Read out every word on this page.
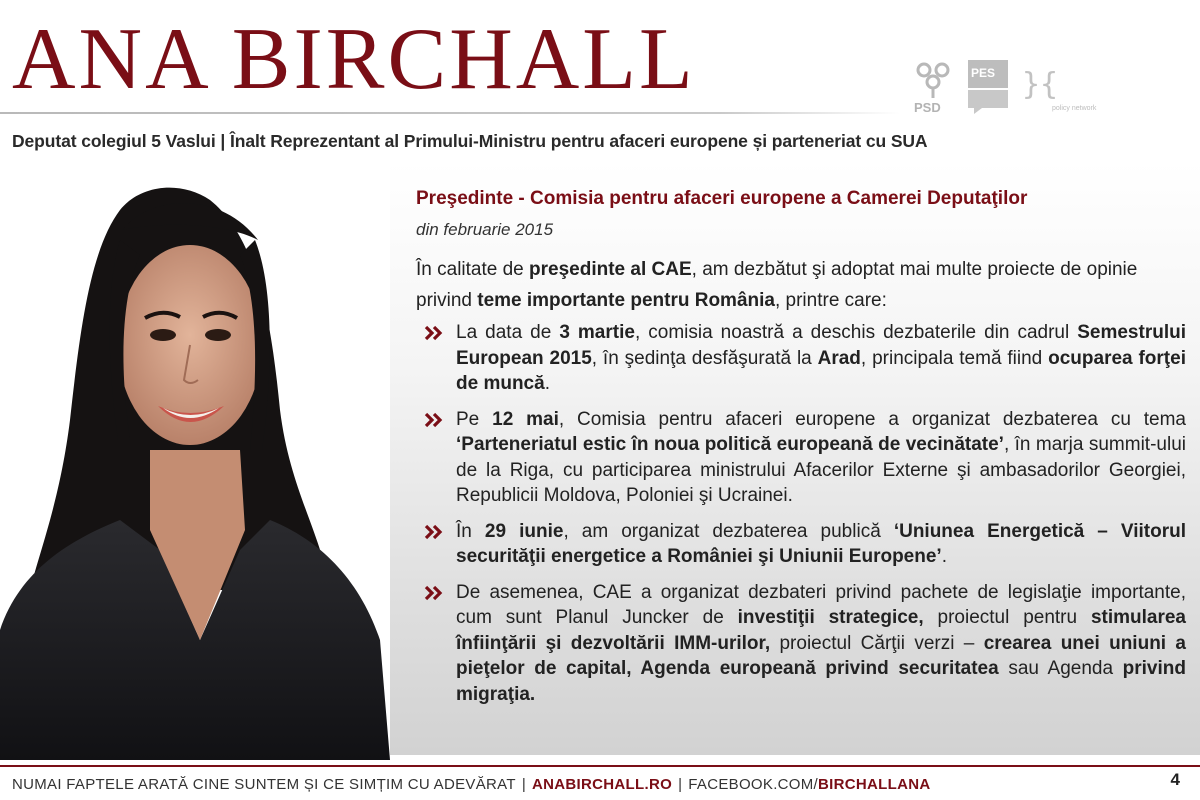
ANA BIRCHALL	PSD
PES }{
policy network
Deputat colegiul 5 Vaslui | Înalt Reprezentant al Primului-Ministru pentru afaceri europene și parteneriat cu SUA
Preşedinte - Comisia pentru afaceri europene a Camerei Deputaţilor
din februarie 2015
În calitate de preşedinte al CAE, am dezbătut şi adoptat mai multe proiecte de opinie privind teme importante pentru România, printre care:
La data de 3 martie, comisia noastră a deschis dezbaterile din cadrul Semestrului European 2015, în şedinţa desfăşurată la Arad, principala temă fiind ocuparea forţei de muncă.
Pe 12 mai, Comisia pentru afaceri europene a organizat dezbaterea cu tema ‘Parteneriatul estic în noua politică europeană de vecinătate’, în marja summit-ului de la Riga, cu participarea ministrului Afacerilor Externe şi ambasadorilor Georgiei, Republicii Moldova, Poloniei şi Ucrainei.
În 29 iunie, am organizat dezbaterea publică ‘Uniunea Energetică – Viitorul securităţii energetice a României şi Uniunii Europene’.
De asemenea, CAE a organizat dezbateri privind pachete de legislaţie importante, cum sunt Planul Juncker de investiţii strategice, proiectul pentru stimularea înfiinţării şi dezvoltării IMM-urilor, proiectul Cărţii verzi – crearea unei uniuni a pieţelor de capital, Agenda europeană privind securitatea sau Agenda privind migraţia.
NUMAI FAPTELE ARATĂ CINE SUNTEM ȘI CE SIMȚIM CU ADEVĂRAT | ANABIRCHALL.RO | FACEBOOK.COM/BIRCHALLANA	4
